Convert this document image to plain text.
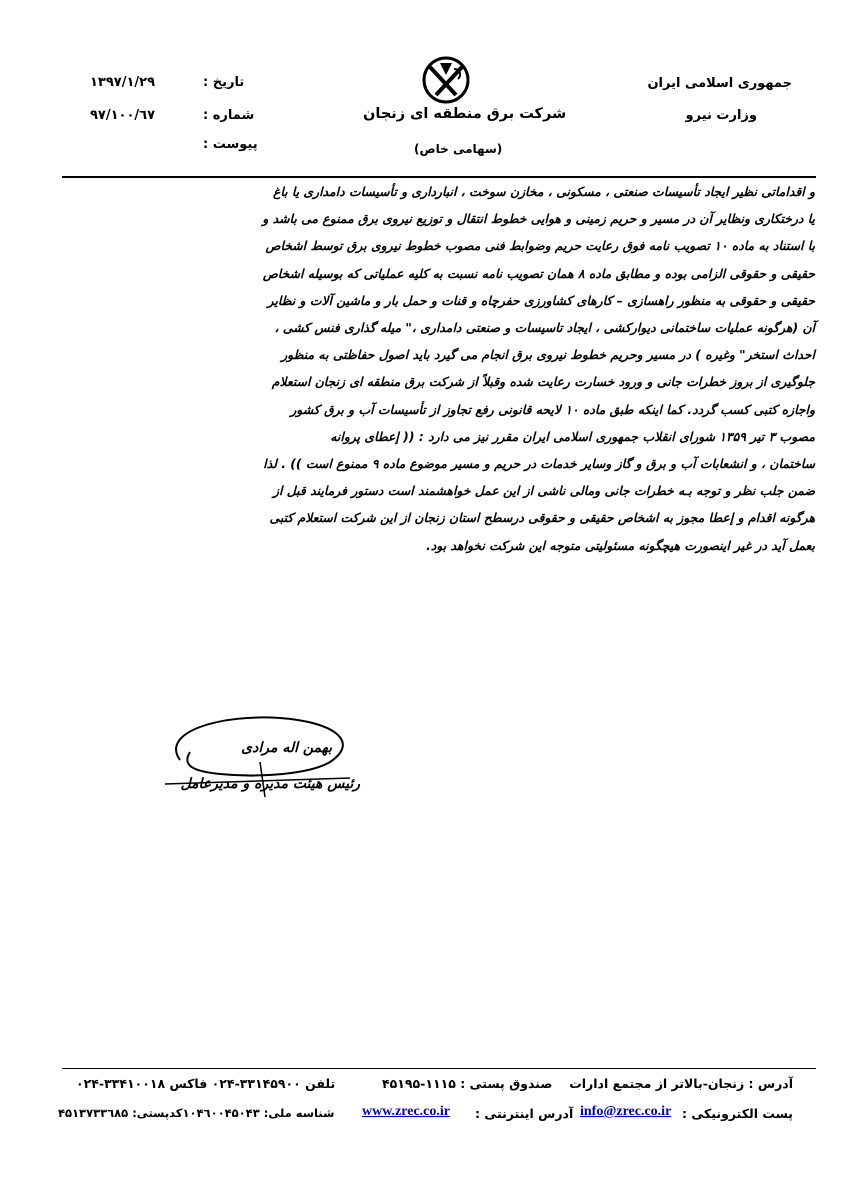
جمهوری اسلامی ایران
وزارت نیرو
شرکت برق منطقه ای زنجان
(سهامی خاص)
تاریخ :
۱۳۹۷/۱/۲۹
شماره :
۹۷/۱۰۰/٦۷
پیوست :

و اقداماتی نظیر ایجاد تأسیسات صنعتی ، مسکونی ، مخازن سوخت ، انبارداری و تأسیسات دامداری یا باغ

یا درختکاری ونظایر آن در مسیر و حریم زمینی و هوایی خطوط انتقال و توزیع نیروی برق ممنوع می باشد و

با استناد به ماده ۱۰ تصویب نامه فوق رعایت حریم وضوابط فنی مصوب خطوط نیروی برق توسط اشخاص

حقیقی و حقوقی الزامی بوده و مطابق ماده ۸ همان تصویب نامه نسبت به کلیه عملیاتی که بوسیله اشخاص

حقیقی و حقوقی به منظور راهسازی – کارهای کشاورزی حفرچاه و قنات و حمل بار و ماشین آلات و نظایر

آن (هرگونه عملیات ساختمانی دیوارکشی ، ایجاد تاسیسات و صنعتی دامداری ،" میله گذاری فنس کشی ،

احداث استخر" وغیره ) در مسیر وحریم خطوط نیروی برق انجام می گیرد باید اصول حفاظتی به منظور

جلوگیری از بروز خطرات جانی و ورود خسارت رعایت شده وقبلاً از شرکت برق منطقه ای زنجان استعلام

واجازه کتبی کسب گردد. کما اینکه طبق ماده ۱۰ لایحه قانونی رفع تجاوز از تأسیسات آب و برق کشور

مصوب ۳ تیر ۱۳۵۹ شورای انقلاب جمهوری اسلامی ایران مقرر نیز می دارد : (( إعطای پروانه

ساختمان ، و انشعابات آب و برق و گاز وسایر خدمات در حریم و مسیر موضوع ماده ۹ ممنوع است )) . لذا

ضمن جلب نظر و توجه بـه خطرات جانی ومالی ناشی از این عمل خواهشمند است دستور فرمایند قبل از

هرگونه اقدام و إعطا مجوز به اشخاص حقیقی و حقوقی درسطح استان زنجان از این شرکت استعلام کتبی

بعمل آید در غیر اینصورت هیچگونه مسئولیتی متوجه این شرکت نخواهد بود.

بهمن اله مرادی
رئیس هیئت مدیره و مدیرعامل
آدرس : زنجان-بالاتر از مجتمع ادارات
صندوق پستی : ۱۱۱۵-۴۵۱۹۵
تلفن ۳۳۱۴۵۹۰۰-۰۲۴ فاکس ۳۳۴۱۰۰۱۸-۰۲۴
پست الکترونیکی :
info@zrec.co.ir
آدرس اینترنتی :
www.zrec.co.ir
شناسه ملی: ۱۰۴٦۰۰۴۵۰۴۳کدپستی: ۴۵۱۳۷۳۳٦۸۵
